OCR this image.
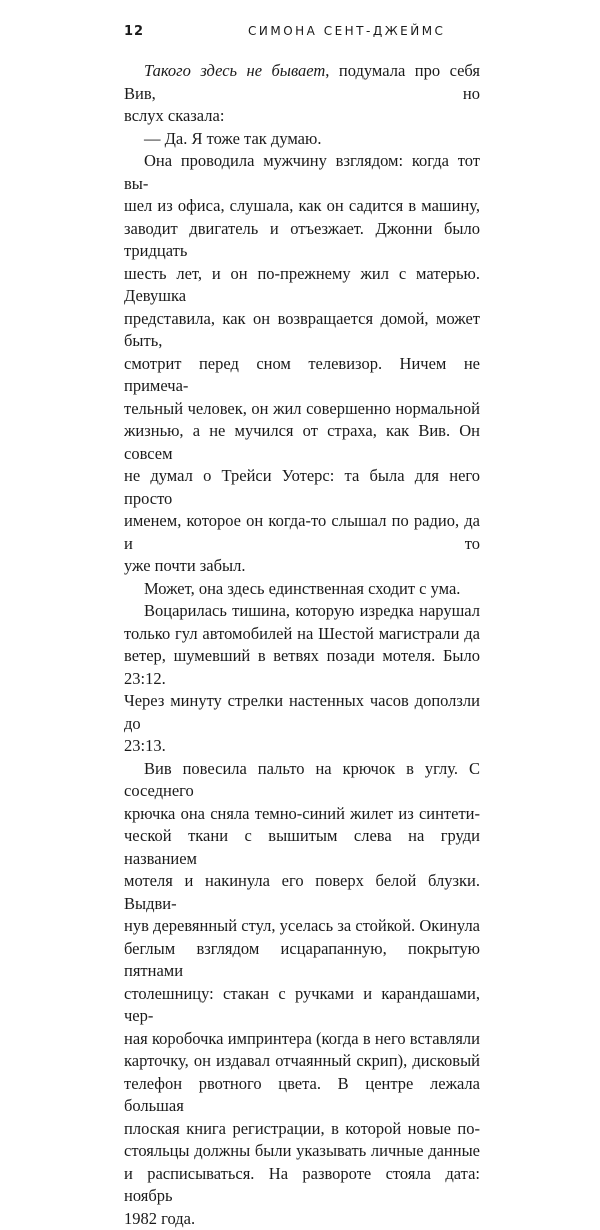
12	СИМОНА СЕНТ-ДЖЕЙМС
Такого здесь не бывает, подумала про себя Вив, но
вслух сказала:
— Да. Я тоже так думаю.
Она проводила мужчину взглядом: когда тот вы-
шел из офиса, слушала, как он садится в машину,
заводит двигатель и отъезжает. Джонни было тридцать
шесть лет, и он по-прежнему жил с матерью. Девушка
представила, как он возвращается домой, может быть,
смотрит перед сном телевизор. Ничем не примеча-
тельный человек, он жил совершенно нормальной
жизнью, а не мучился от страха, как Вив. Он совсем
не думал о Трейси Уотерс: та была для него просто
именем, которое он когда-то слышал по радио, да и то
уже почти забыл.
Может, она здесь единственная сходит с ума.
Воцарилась тишина, которую изредка нарушал
только гул автомобилей на Шестой магистрали да
ветер, шумевший в ветвях позади мотеля. Было 23:12.
Через минуту стрелки настенных часов доползли до
23:13.
Вив повесила пальто на крючок в углу. С соседнего
крючка она сняла темно-синий жилет из синтети-
ческой ткани с вышитым слева на груди названием
мотеля и накинула его поверх белой блузки. Выдви-
нув деревянный стул, уселась за стойкой. Окинула
беглым взглядом исцарапанную, покрытую пятнами
столешницу: стакан с ручками и карандашами, чер-
ная коробочка импринтера (когда в него вставляли
карточку, он издавал отчаянный скрип), дисковый
телефон рвотного цвета. В центре лежала большая
плоская книга регистрации, в которой новые по-
стояльцы должны были указывать личные данные
и расписываться. На развороте стояла дата: ноябрь
1982 года.
